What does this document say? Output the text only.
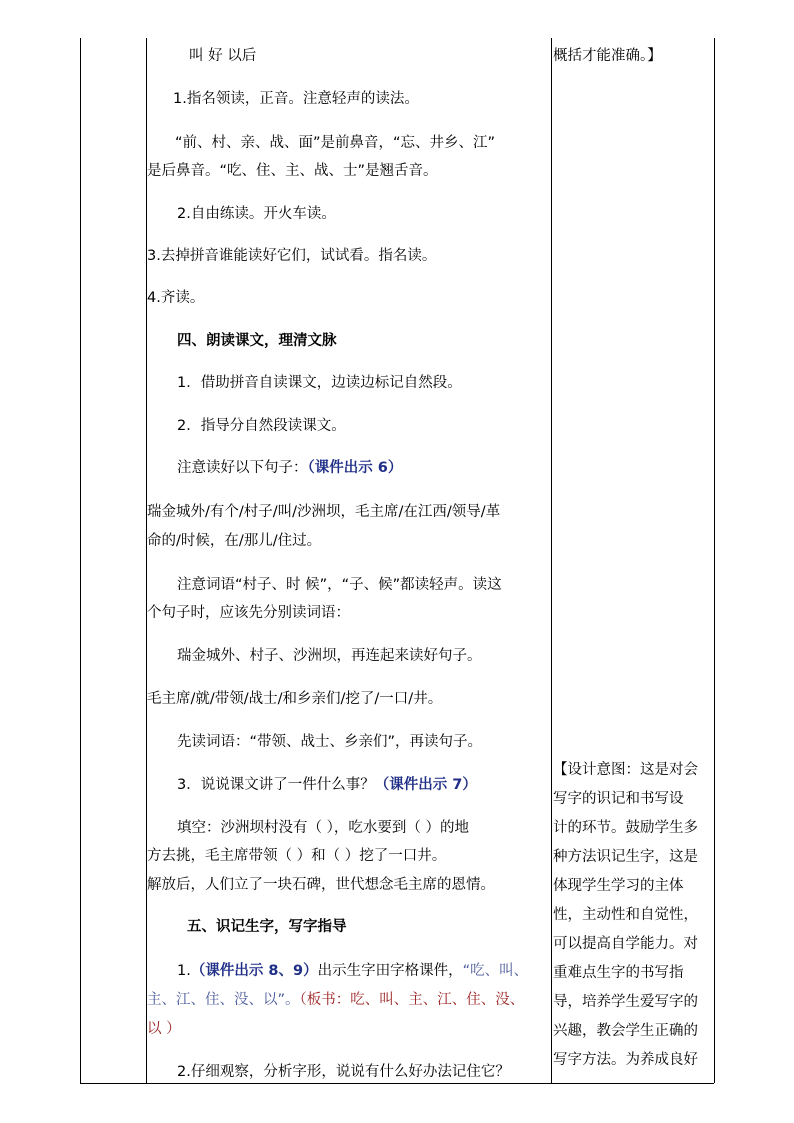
叫 好 以后
1.指名领读，正音。注意轻声的读法。
“前、村、亲、战、面”是前鼻音，“忘、井乡、江”
是后鼻音。“吃、住、主、战、士”是翘舌音。
2.自由练读。开火车读。
3.去掉拼音谁能读好它们，试试看。指名读。
4.齐读。
四、朗读课文，理清文脉
1．借助拼音自读课文，边读边标记自然段。
2．指导分自然段读课文。
注意读好以下句子：（课件出示 6）
瑞金城外/有个/村子/叫/沙洲坝，毛主席/在江西/领导/革
命的/时候，在/那儿/住过。
注意词语“村子、时 候”，“子、候”都读轻声。读这
个句子时，应该先分别读词语：
瑞金城外、村子、沙洲坝，再连起来读好句子。
毛主席/就/带领/战士/和乡亲们/挖了/一口/井。
先读词语：“带领、战士、乡亲们”，再读句子。
3．说说课文讲了一件什么事？（课件出示 7）
填空：沙洲坝村没有（ ），吃水要到（ ）的地
方去挑，毛主席带领（ ）和（ ）挖了一口井。
解放后，人们立了一块石碑，世代想念毛主席的恩情。
五、识记生字，写字指导
1.（课件出示 8、9）出示生字田字格课件，“吃、叫、
主、江、住、没、以”。（板书：吃、叫、主、江、住、没、
以 ）
2.仔细观察，分析字形，说说有什么好办法记住它？
概括才能准确。】
【设计意图：这是对会
写字的识记和书写设
计的环节。鼓励学生多
种方法识记生字，这是
体现学生学习的主体
性，主动性和自觉性，
可以提高自学能力。对
重难点生字的书写指
导，培养学生爱写字的
兴趣，教会学生正确的
写字方法。为养成良好
